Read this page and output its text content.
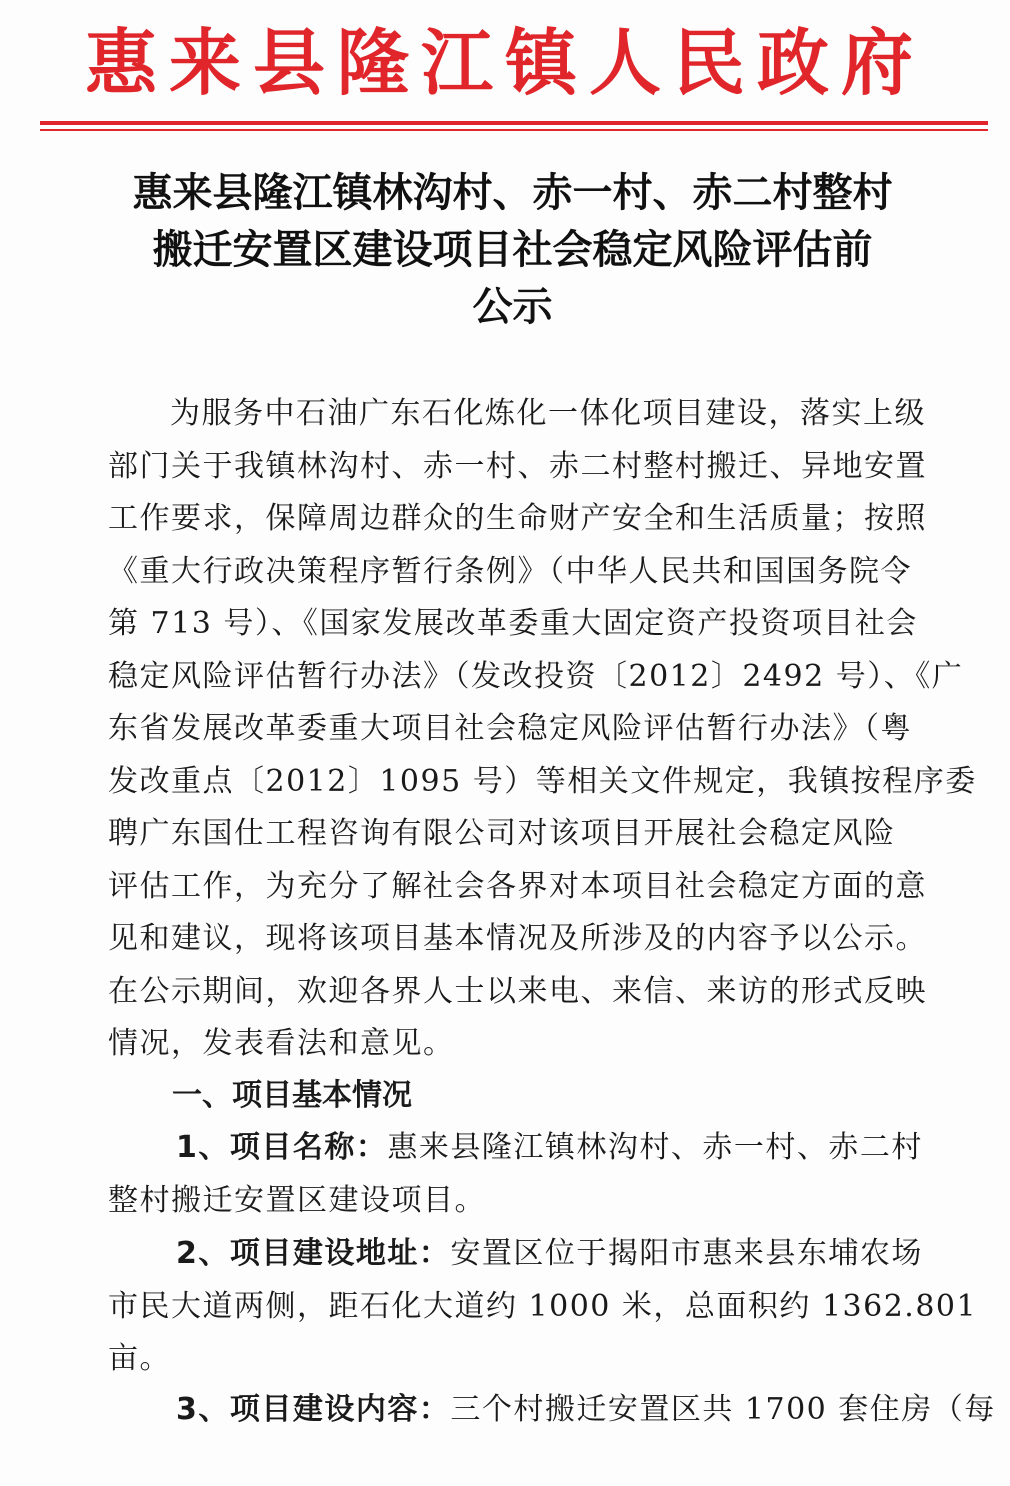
惠来县隆江镇人民政府
惠来县隆江镇林沟村、赤一村、赤二村整村
搬迁安置区建设项目社会稳定风险评估前
公示
为服务中石油广东石化炼化一体化项目建设，落实上级
部门关于我镇林沟村、赤一村、赤二村整村搬迁、异地安置
工作要求，保障周边群众的生命财产安全和生活质量；按照
《重大行政决策程序暂行条例》（中华人民共和国国务院令
第 713 号）、《国家发展改革委重大固定资产投资项目社会
稳定风险评估暂行办法》（发改投资〔2012〕2492 号）、《广
东省发展改革委重大项目社会稳定风险评估暂行办法》（粤
发改重点〔2012〕1095 号）等相关文件规定，我镇按程序委
聘广东国仕工程咨询有限公司对该项目开展社会稳定风险
评估工作，为充分了解社会各界对本项目社会稳定方面的意
见和建议，现将该项目基本情况及所涉及的内容予以公示。
在公示期间，欢迎各界人士以来电、来信、来访的形式反映
情况，发表看法和意见。
一、项目基本情况
1、项目名称：惠来县隆江镇林沟村、赤一村、赤二村
整村搬迁安置区建设项目。
2、项目建设地址：安置区位于揭阳市惠来县东埔农场
市民大道两侧，距石化大道约 1000 米，总面积约 1362.801
亩。
3、项目建设内容：三个村搬迁安置区共 1700 套住房（每
